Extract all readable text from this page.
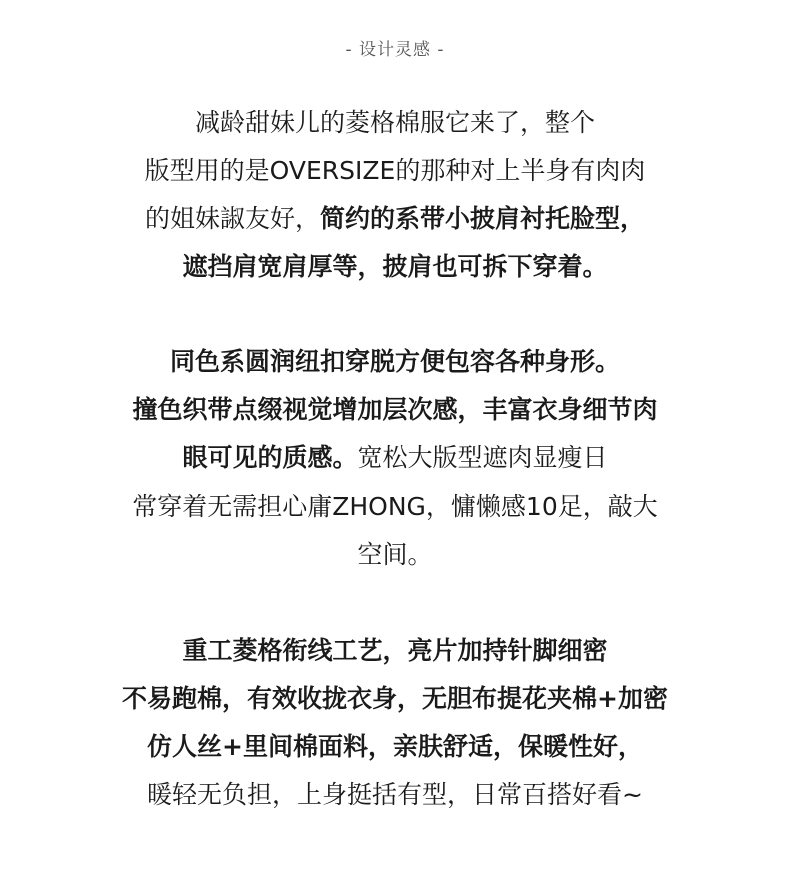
- 设计灵感 -
减龄甜妹儿的菱格棉服它来了，整个
版型用的是OVERSIZE的那种对上半身有肉肉
的姐妹諔友好，简约的系带小披肩衬托脸型，
遮挡肩宽肩厚等，披肩也可拆下穿着。
同色系圆润纽扣穿脱方便包容各种身形。
撞色织带点缀视觉增加层次感，丰富衣身细节肉
眼可见的质感。宽松大版型遮肉显瘦日
常穿着无需担心庸ZHONG，慵懒感10足，敲大
空间。
重工菱格衔线工艺，亮片加持针脚细密
不易跑棉，有效收拢衣身，无胆布提花夹棉+加密
仿人丝+里间棉面料，亲肤舒适，保暖性好，
暖轻无负担，上身挺括有型，日常百搭好看~
